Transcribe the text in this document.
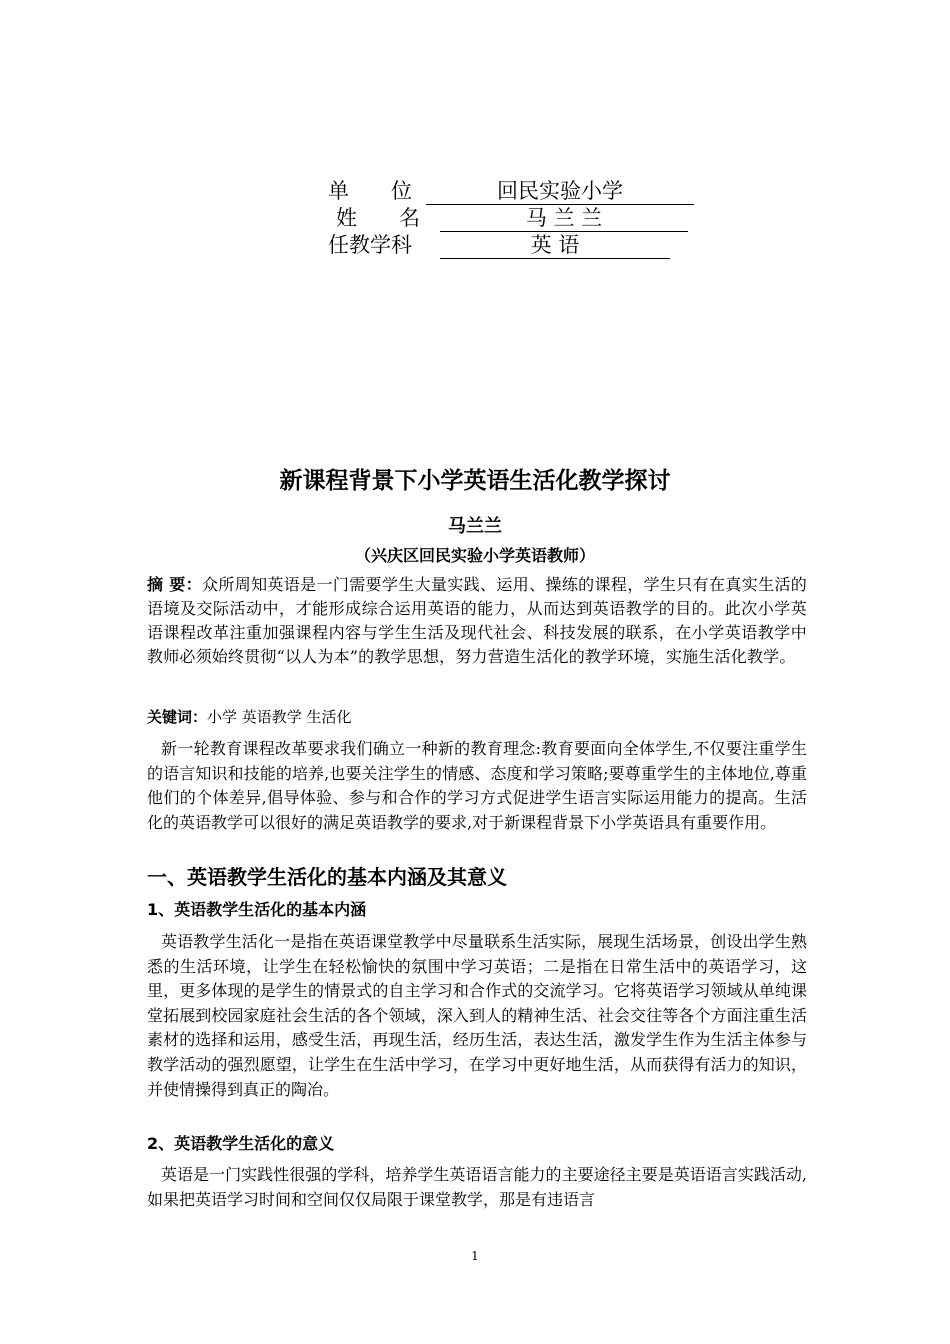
单　　位	回民实验小学
姓　　名	马 兰 兰
任教学科	英 语
新课程背景下小学英语生活化教学探讨
马兰兰
（兴庆区回民实验小学英语教师）
摘 要：众所周知英语是一门需要学生大量实践、运用、操练的课程，学生只有在真实生活的语境及交际活动中，才能形成综合运用英语的能力，从而达到英语教学的目的。此次小学英语课程改革注重加强课程内容与学生生活及现代社会、科技发展的联系，在小学英语教学中教师必须始终贯彻“以人为本”的教学思想，努力营造生活化的教学环境，实施生活化教学。
关键词：小学 英语教学 生活化
新一轮教育课程改革要求我们确立一种新的教育理念:教育要面向全体学生,不仅要注重学生的语言知识和技能的培养,也要关注学生的情感、态度和学习策略;要尊重学生的主体地位,尊重他们的个体差异,倡导体验、参与和合作的学习方式促进学生语言实际运用能力的提高。生活化的英语教学可以很好的满足英语教学的要求,对于新课程背景下小学英语具有重要作用。
一、英语教学生活化的基本内涵及其意义
1、英语教学生活化的基本内涵
英语教学生活化一是指在英语课堂教学中尽量联系生活实际，展现生活场景，创设出学生熟悉的生活环境，让学生在轻松愉快的氛围中学习英语；二是指在日常生活中的英语学习，这里，更多体现的是学生的情景式的自主学习和合作式的交流学习。它将英语学习领域从单纯课堂拓展到校园家庭社会生活的各个领域，深入到人的精神生活、社会交往等各个方面注重生活素材的选择和运用，感受生活，再现生活，经历生活，表达生活，激发学生作为生活主体参与教学活动的强烈愿望，让学生在生活中学习，在学习中更好地生活，从而获得有活力的知识，并使情操得到真正的陶冶。
2、英语教学生活化的意义
英语是一门实践性很强的学科，培养学生英语语言能力的主要途径主要是英语语言实践活动,如果把英语学习时间和空间仅仅局限于课堂教学，那是有违语言
1
